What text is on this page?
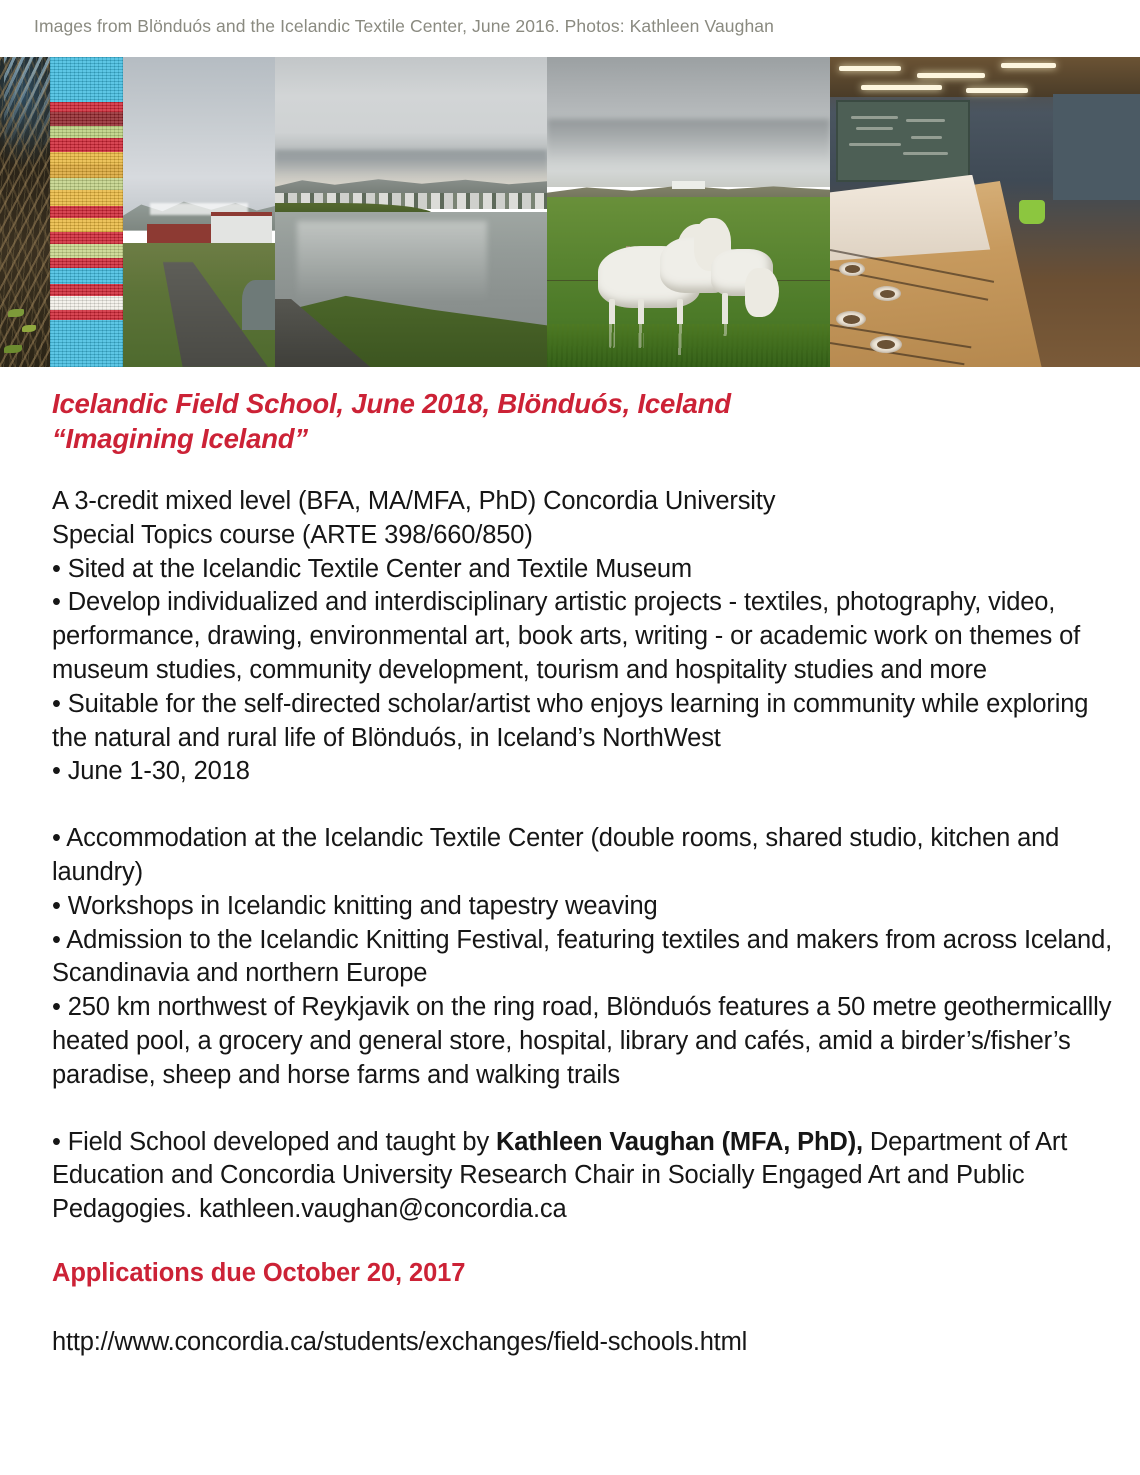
Images from Blönduós and the Icelandic Textile Center, June 2016. Photos: Kathleen Vaughan
Icelandic Field School, June 2018, Blönduós, Iceland
“Imagining Iceland”

A 3-credit mixed level (BFA, MA/MFA, PhD) Concordia University

Special Topics course (ARTE 398/660/850)

• Sited at the Icelandic Textile Center and Textile Museum

• Develop individualized and interdisciplinary artistic projects - textiles, photography, video, performance, drawing, environmental art, book arts, writing - or academic work on themes of museum studies, community development, tourism and hospitality studies and more

• Suitable for the self-directed scholar/artist who enjoys learning in community while exploring the natural and rural life of Blönduós, in Iceland’s NorthWest

• June 1-30, 2018

• Accommodation at the Icelandic Textile Center (double rooms, shared studio, kitchen and laundry)

• Workshops in Icelandic knitting and tapestry weaving

• Admission to the Icelandic Knitting Festival, featuring textiles and makers from across Iceland, Scandinavia and northern Europe

• 250 km northwest of Reykjavik on the ring road, Blönduós features a 50 metre geothermicallly heated pool, a grocery and general store, hospital, library and cafés, amid a birder’s/fisher’s paradise, sheep and horse farms and walking trails

• Field School developed and taught by Kathleen Vaughan (MFA, PhD), Department of Art Education and Concordia University Research Chair in Socially Engaged Art and Public Pedagogies. kathleen.vaughan@concordia.ca

Applications due October 20, 2017
http://www.concordia.ca/students/exchanges/field-schools.html
